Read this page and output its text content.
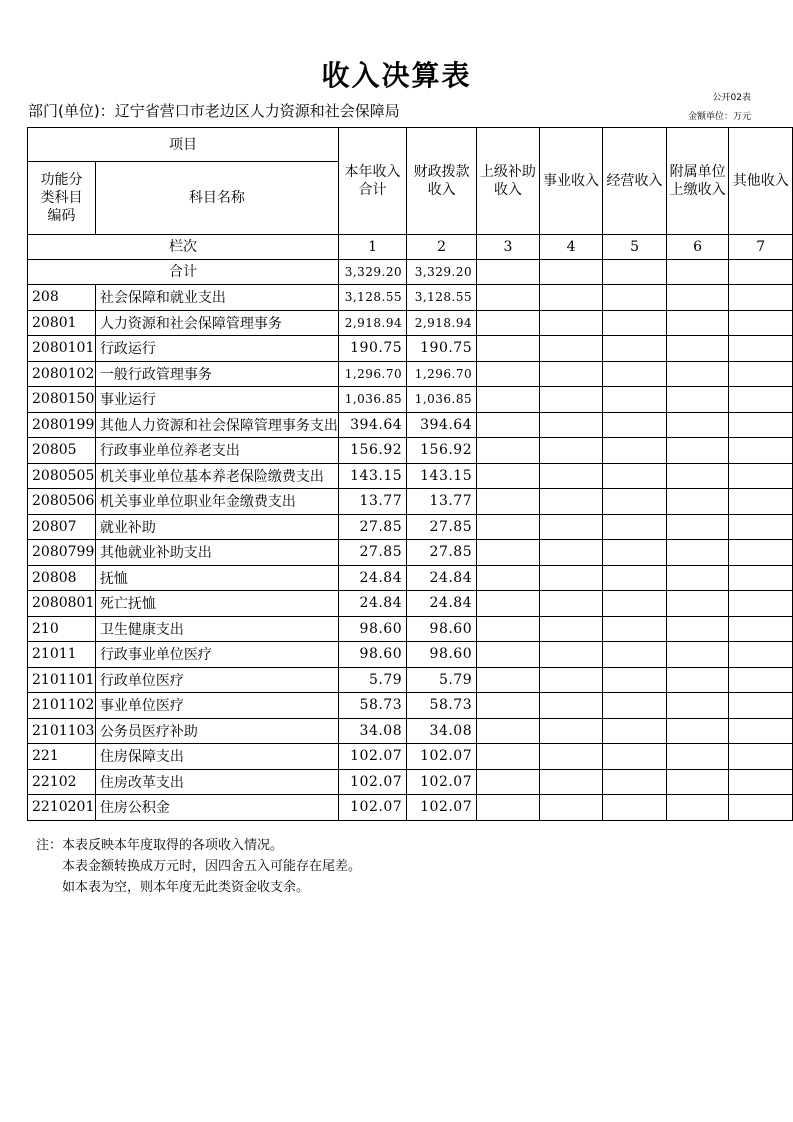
收入决算表
公开02表
金额单位：万元
部门(单位)：辽宁省营口市老边区人力资源和社会保障局
项目		本年收入合计	财政拨款收入	上级补助收入	事业收入	经营收入	附属单位上缴收入	其他收入
功能分类科目编码	科目名称							
栏次		1	2	3	4	5	6	7
合计		3,329.20	3,329.20					
208	社会保障和就业支出	3,128.55	3,128.55					
20801	人力资源和社会保障管理事务	2,918.94	2,918.94					
2080101	行政运行	190.75	190.75					
2080102	一般行政管理事务	1,296.70	1,296.70					
2080150	事业运行	1,036.85	1,036.85					
2080199	其他人力资源和社会保障管理事务支出	394.64	394.64					
20805	行政事业单位养老支出	156.92	156.92					
2080505	机关事业单位基本养老保险缴费支出	143.15	143.15					
2080506	机关事业单位职业年金缴费支出	13.77	13.77					
20807	就业补助	27.85	27.85					
2080799	其他就业补助支出	27.85	27.85					
20808	抚恤	24.84	24.84					
2080801	死亡抚恤	24.84	24.84					
210	卫生健康支出	98.60	98.60					
21011	行政事业单位医疗	98.60	98.60					
2101101	行政单位医疗	5.79	5.79					
2101102	事业单位医疗	58.73	58.73					
2101103	公务员医疗补助	34.08	34.08					
221	住房保障支出	102.07	102.07					
22102	住房改革支出	102.07	102.07					
2210201	住房公积金	102.07	102.07					
注：本表反映本年度取得的各项收入情况。
本表金额转换成万元时，因四舍五入可能存在尾差。
如本表为空，则本年度无此类资金收支余。
